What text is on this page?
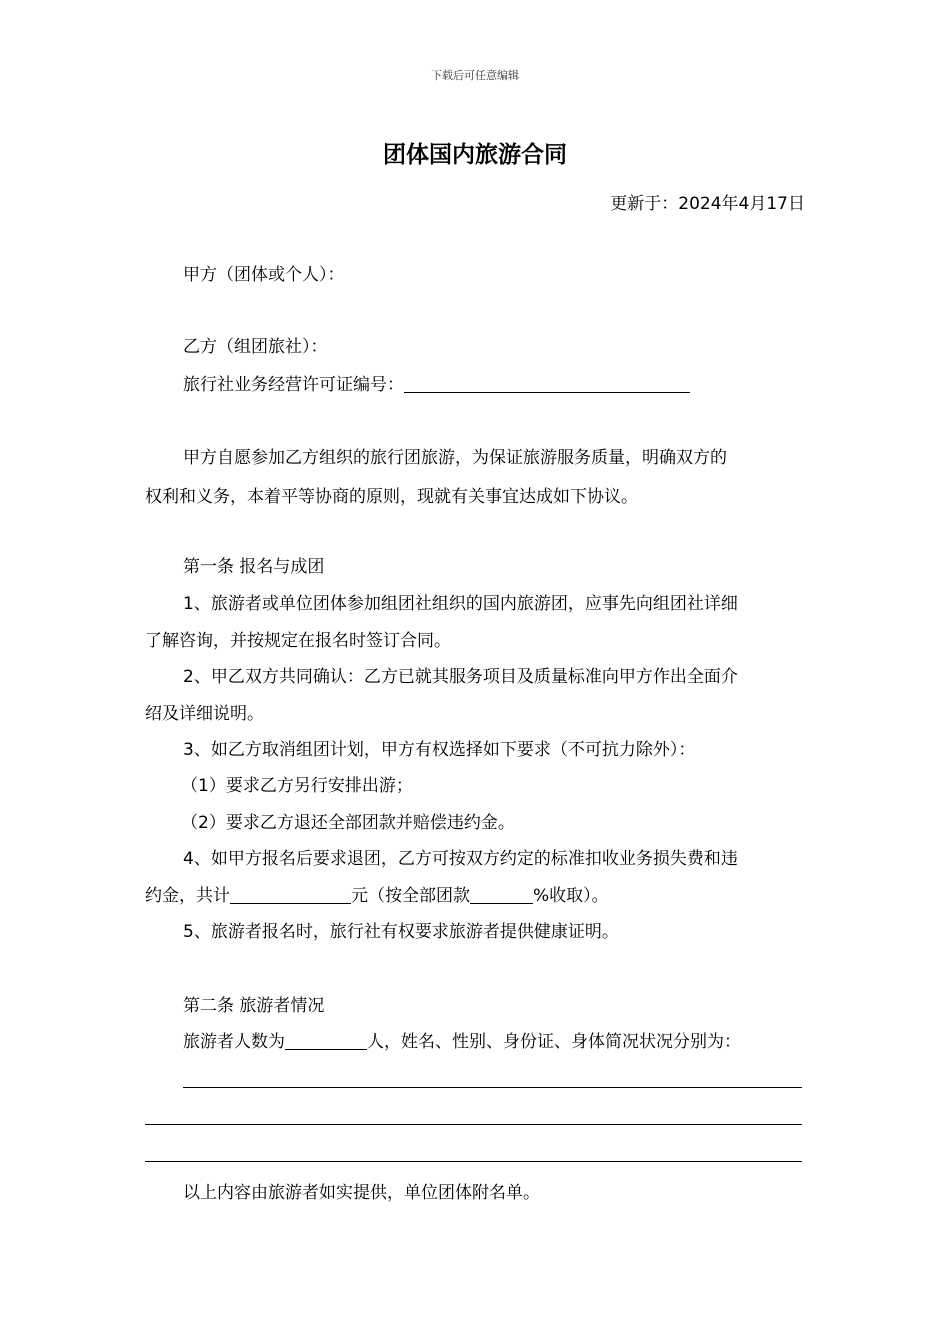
下载后可任意编辑
团体国内旅游合同
更新于：2024年4月17日
甲方（团体或个人）：
乙方（组团旅社）：
旅行社业务经营许可证编号：
甲方自愿参加乙方组织的旅行团旅游，为保证旅游服务质量，明确双方的
权利和义务，本着平等协商的原则，现就有关事宜达成如下协议。
第一条 报名与成团
1、旅游者或单位团体参加组团社组织的国内旅游团，应事先向组团社详细
了解咨询，并按规定在报名时签订合同。
2、甲乙双方共同确认：乙方已就其服务项目及质量标准向甲方作出全面介
绍及详细说明。
3、如乙方取消组团计划，甲方有权选择如下要求（不可抗力除外）：
（1）要求乙方另行安排出游；
（2）要求乙方退还全部团款并赔偿违约金。
4、如甲方报名后要求退团，乙方可按双方约定的标准扣收业务损失费和违
约金，共计	元（按全部团款	%收取）。
5、旅游者报名时，旅行社有权要求旅游者提供健康证明。
第二条 旅游者情况
旅游者人数为	人，姓名、性别、身份证、身体简况状况分别为：
以上内容由旅游者如实提供，单位团体附名单。
